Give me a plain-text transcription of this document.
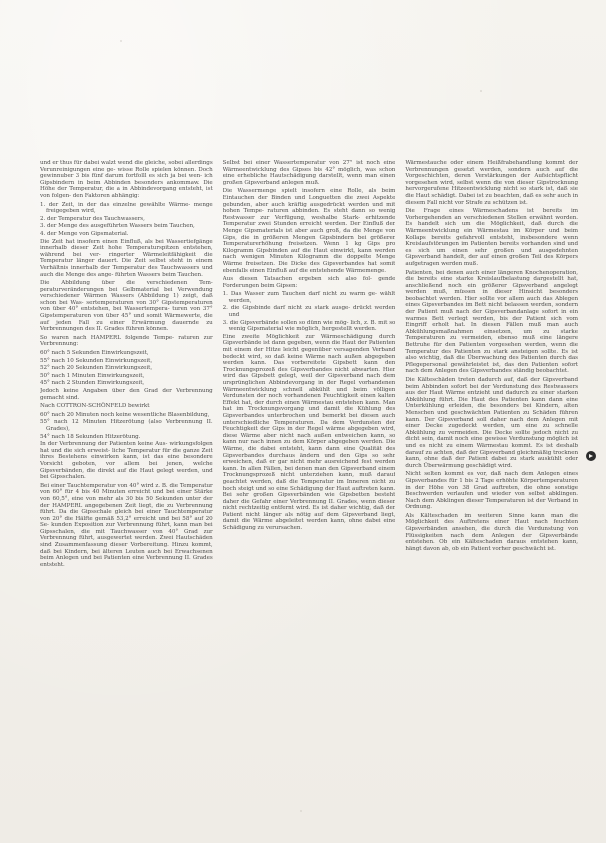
und er thus für dabei walzt wend die gleiche, sobei allerdings Verunreinigungen eine ge- wisse Rolle spielen können. Doch gewinnuber 3 bis fünf darum fortfolll es sich ja bei wen- ich Gipsbindern in beim Abbinden besonders ankommaw. Die Höhe der Temperatur, die a in Abbindevorgang entsteht, ist von folgen- den Faktoren abhängig:

1. der Zeit, in der das einzelne gewählte Wärme- menge freigegeben wird,

2. der Temperatur des Tauchwassers,

3. der Menge des ausgeführten Wassers beim Tauchen,

4. der Menge von Gipsmaterial.

Die Zeit hat insofern einen Einfluß, als bei Wassertiefgänge innerhalb dieser Zeit hohe Temperaturspitzen entstehen, während bei ver- ringerter Wärmeleitfähigkeit die Temperatur länger dauert. Die Zeit selbst steht in einem Verhältnis innerhalb der Temperatur des Tauchwassers und auch die Menge des ange- führten Wassers beim Tauchen.

Die Abbildung über die verschiedenen Tem- peraturveränderungen bei Gelbmaterial bei Verwendung verschiedener Wärmen Wassers (Abbildung 1) zeigt, daß schon bei Was- sertemperaturen von 30° Gipstemperaturen von über 40° entstehen, bei Wassertempera- turen von 37° Gipstemperaturen von über 45° und somit Wärmewerte, die auf jeden Fall zu einer Erwärmung dauernde zu Verbrennungen des II. Grades führen können.

So waren nach HAMPERL folgende Tempe- raturen zur Verbrennung:

60° nach 5 Sekunden Einwirkungszeit,

55° nach 10 Sekunden Einwirkungszeit,

52° nach 20 Sekunden Einwirkungszeit,

50° nach 1 Minuten Einwirkungszeit,

45° nach 2 Stunden Einwirkungszeit,

Jedoch keine Angaben über den Grad der Verbrennung gemacht sind.

Nach COTTRON-SCHÖNFELD bewirkt

60° nach 20 Minuten noch keine wesentliche Blasenbildung,

55° nach 12 Minuten Hitzerötung (also Verbrennung II. Grades),

54° nach 18 Sekunden Hitzerötung.

In der Verbrennung der Patienten keine Aus- wirkungsfolgen hat und die sich erweist- liche Temperatur für die ganze Zeit ihres Bestehens einwirken kann, ist das eine besondere Vorsicht geboten, vor allem bei jenen, welche Gipsverbänden, die direkt auf die Haut gelegt werden, und bei Gipsschalen.

Bei einer Tauchtemperatur von 40° wird z. B. die Temperatur von 60° für 4 bis 40 Minuten erreicht und bei einer Stärke von 60,5°, eine von mehr als 30 bis 50 Sekunden unter der der HAMPERL angegebenen Zeit liegt, die zu Verbrennung führt. Da die Gipsschale gleich bei einer Tauchtemperatur von 20° die Hälfte gemäß 53,2° erreicht und bei 58° auf 20 Se- kunden Exposition zur Verbrennung führt, kann man bei Gipsschalen, die mit Tauchwasser von 40° Grad zur Verbrennung führt, ausgewertet werden. Zwei Hautschäden sind Zusammenfassung dieser Vorbereitung. Hinzu kommt, daß bei Kindern, bei älteren Leuten auch bei Erwachsenen beim Anlegen und bei Patienten eine Verbrennung II. Grades entsteht.

Selbst bei einer Wassertemperatur von 27° ist noch eine Wärmeentwicklung des Gipses bis 42° möglich, was schon eine erhebliche Hautschädigung darstellt, wenn man einen großen Gipsverband anlegen muß.

Die Wassermenge spielt insofern eine Rolle, als beim Eintauchen der Binden und Longuetten die zwei Aspekte gebunden, aber auch kräftig ausgedrückt werden und mit hohen Tempe- raturen abbinden. Es steht dann so wenig Restwasser zur Verfügung, weshalbe Stark- erhitzende Temperatur zwei Stunden erreicht werden. Der Einfluß der Menge Gipsmaterials ist aber auch groß, da die Menge von Gips, die in größeren Mengen Gipsbindern bei größerer Temperaturerhöhung freisetzen. Wenn 1 kg Gips pro Kilogramm Gipsbinden auf die Haut einwirkt, kann werden nach wenigen Minuten Kilogramm die doppelte Menge Wärme freisetzen. Die Dicke des Gipsverbandes hat somit ebenfalls einen Einfluß auf die entstehende Wärmemenge.

Aus diesen Tatsachen ergeben sich also fol- gende Forderungen beim Gipsen:

1. Das Wasser zum Tauchen darf nicht zu warm ge- wählt werden,

2. die Gipsbinde darf nicht zu stark ausge- drückt werden und

3. die Gipsverbände sollen so dünn wie mög- lich, z. B. mit so wenig Gipsmaterial wie möglich, hergestellt werden.

Eine zweite Möglichkeit zur Wärmeschädigung durch Gipsverbände ist dann gegeben, wenn die Haut der Patienten mit einem der Hitze leicht gegenüber versagenden Verband bedeckt wird, so daß keine Wärme nach außen abgegeben werden kann. Das vorbereitete Gipsbett kann den Trocknungsprozeß des Gipsverbandes nicht abwarten. Hier wird das Gipsbett gelegt, weil der Gipsverband nach dem ursprünglichen Abbindevorgang in der Regel vorhandenen Wärmeentwicklung schnell abkühlt und beim völligen Verdunsten der noch vorhandenen Feuchtigkeit einen kalten Effekt hat, der durch einen Wärmestau entstehen kann. Man hat im Trocknungsvorgang und damit die Kühlung des Gipsverbandes unterbrochen und bemerkt bei diesen auch unterschiedliche Temperaturen. Da dem Verdunsten der Feuchtigkeit der Gips in der Regel wärme abgegeben wird, diese Wärme aber nicht nach außen entweichen kann, so kann nur nach innen zu dem Körper abgegeben werden. Die Wärme, die dabei entsteht, kann dann eine Qualität des Gipsverbandes durchaus ändern und den Gips so sehr erweichen, daß er gar nicht mehr ausreichend fest werden kann. In allen Fällen, bei denen man den Gipsverband einem Trocknungsprozeß nicht unterziehen kann, muß darauf geachtet werden, daß die Temperatur im Inneren nicht zu hoch steigt und so eine Schädigung der Haut auftreten kann. Bei sehr großen Gipsverbänden wie Gipsbetten besteht daher die Gefahr einer Verbrennung II. Grades, wenn dieser nicht rechtzeitig entfernt wird. Es ist daher wichtig, daß der Patient nicht länger als nötig auf dem Gipsverband liegt, damit die Wärme abgeleitet werden kann, ohne dabei eine Schädigung zu verursachen.

Wärmestauche oder einem Heißfrabehandlung kommt der Verbrennungen gesetzt werden, sondern auch auf die Vorgeschichten, deren Verstärkungen der Aufsichtspflicht vorgesehen wird, selbst wenn die von dieser Gipstrocknung hervorgerufene Hitzeentwicklung nicht so stark ist, daß sie die Haut schädigt. Dabei ist zu beachten, daß es sehr auch in diesem Fall nicht vor Strafe zu schützen ist.

Die Frage eines Wärmeschadens ist bereits im Vorhergehenden an verschiedenen Stellen erwähnt worden. Es handelt sich um die Möglichkeit, daß durch die Wärmeentwicklung ein Wärmestau im Körper und beim Kollaps bereits gefahrvoll entsteht, insbesondere wenn Kreislaufstörungen im Patienten bereits vorhanden sind und es sich um einen sehr großen und ausgedehnten Gipsverband handelt, der auf einen großen Teil des Körpers aufgetragen werden muß.

Patienten, bei denen auch einer längeren Knochenoperation, die bereits eine starke Kreislaufbelastung dargestellt hat, anschließend noch ein größerer Gipsverband angelegt werden muß, müssen in dieser Hinsicht besonders beobachtet werden. Hier sollte vor allem auch das Ablegen eines Gipsverbandes im Bett nicht belassen werden, sondern der Patient muß nach der Gipsverbandanlage sofort in ein warmes Bett verlegt werden, bis der Patient sich vom Eingriff erholt hat. In diesen Fällen muß man auch Abkühlungsmaßnahmen einsetzen, um zu starke Temperaturen zu vermeiden, ebenso muß eine längere Bettruhe für den Patienten vorgesehen werden, wenn die Temperatur des Patienten zu stark ansteigen sollte. Es ist also wichtig, daß die Überwachung des Patienten durch das Pflegepersonal gewährleistet ist, das den Patienten sofort nach dem Anlegen des Gipsverbandes ständig beobachtet.

Die Kälteschäden treten dadurch auf, daß der Gipsverband beim Abbinden sofort bei der Verdunstung des Restwassers aus der Haut Wärme entzieht und dadurch zu einer starken Abkühlung führt. Die Haut des Patienten kann dann eine Unterkühlung erleiden, die besonders bei Kindern, alten Menschen und geschwächten Patienten zu Schäden führen kann. Der Gipsverband soll daher nach dem Anlegen mit einer Decke zugedeckt werden, um eine zu schnelle Abkühlung zu vermeiden. Die Decke sollte jedoch nicht zu dicht sein, damit noch eine gewisse Verdunstung möglich ist und es nicht zu einem Wärmestau kommt. Es ist deshalb darauf zu achten, daß der Gipsverband gleichmäßig trocknen kann, ohne daß der Patient dabei zu stark auskühlt oder durch Überwärmung geschädigt wird.

Nicht selten kommt es vor, daß nach dem Anlegen eines Gipsverbandes für 1 bis 2 Tage erhöhte Körpertemperaturen in der Höhe von 38 Grad auftreten, die ohne sonstige Beschwerden verlaufen und wieder von selbst abklingen. Nach dem Abklingen dieser Temperaturen ist der Verband in Ordnung.

Als Kälteschaden im weiteren Sinne kann man die Möglichkeit des Auftretens einer Haut nach feuchten Gipsverbänden ansehen, die durch die Verdunstung von Flüssigkeiten nach dem Anlegen der Gipsverbände entstehen. Ob ein Kälteschaden daraus entstehen kann, hängt davon ab, ob ein Patient vorher geschwächt ist.
